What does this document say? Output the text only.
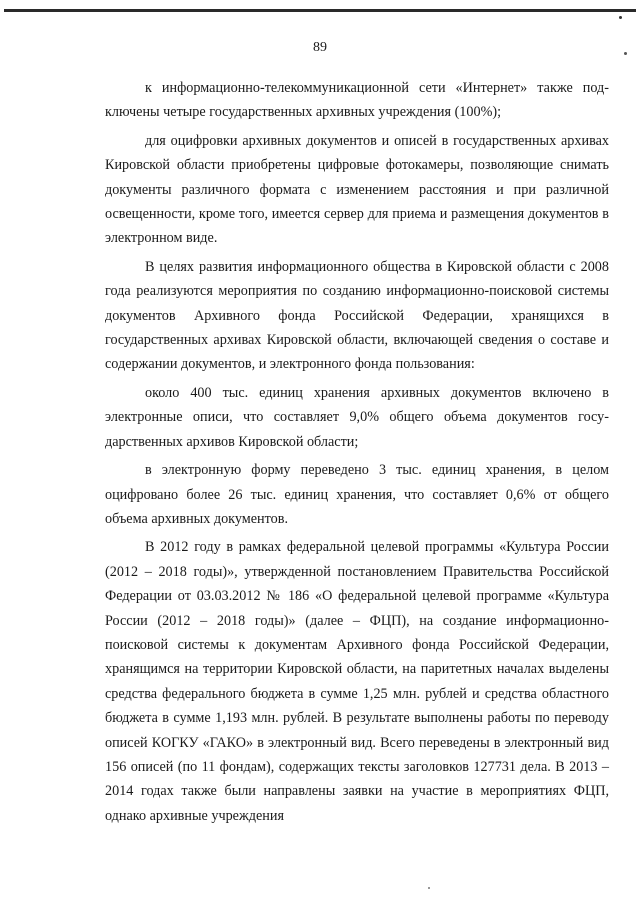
89

к информационно-телекоммуникационной сети «Интернет» также подключены четыре государственных архивных учреждения (100%);

для оцифровки архивных документов и описей в государственных архивах Кировской области приобретены цифровые фотокамеры, позволяющие снимать документы различного формата с изменением расстояния и при различной освещенности, кроме того, имеется сервер для приема и размещения документов в электронном виде.

В целях развития информационного общества в Кировской области с 2008 года реализуются мероприятия по созданию информационно-поисковой системы документов Архивного фонда Российской Федерации, хранящихся в государственных архивах Кировской области, включающей сведения о составе и содержании документов, и электронного фонда пользования:

около 400 тыс. единиц хранения архивных документов включено в электронные описи, что составляет 9,0% общего объема документов государственных архивов Кировской области;

в электронную форму переведено 3 тыс. единиц хранения, в целом оцифровано более 26 тыс. единиц хранения, что составляет 0,6% от общего объема архивных документов.

В 2012 году в рамках федеральной целевой программы «Культура России (2012 – 2018 годы)», утвержденной постановлением Правительства Российской Федерации от 03.03.2012 № 186 «О федеральной целевой программе «Культура России (2012 – 2018 годы)» (далее – ФЦП), на создание информационно-поисковой системы к документам Архивного фонда Российской Федерации, хранящимся на территории Кировской области, на паритетных началах выделены средства федерального бюджета в сумме 1,25 млн. рублей и средства областного бюджета в сумме 1,193 млн. рублей. В результате выполнены работы по переводу описей КОГКУ «ГАКО» в электронный вид. Всего переведены в электронный вид 156 описей (по 11 фондам), содержащих тексты заголовков 127731 дела. В 2013 – 2014 годах также были направлены заявки на участие в мероприятиях ФЦП, однако архивные учреждения
